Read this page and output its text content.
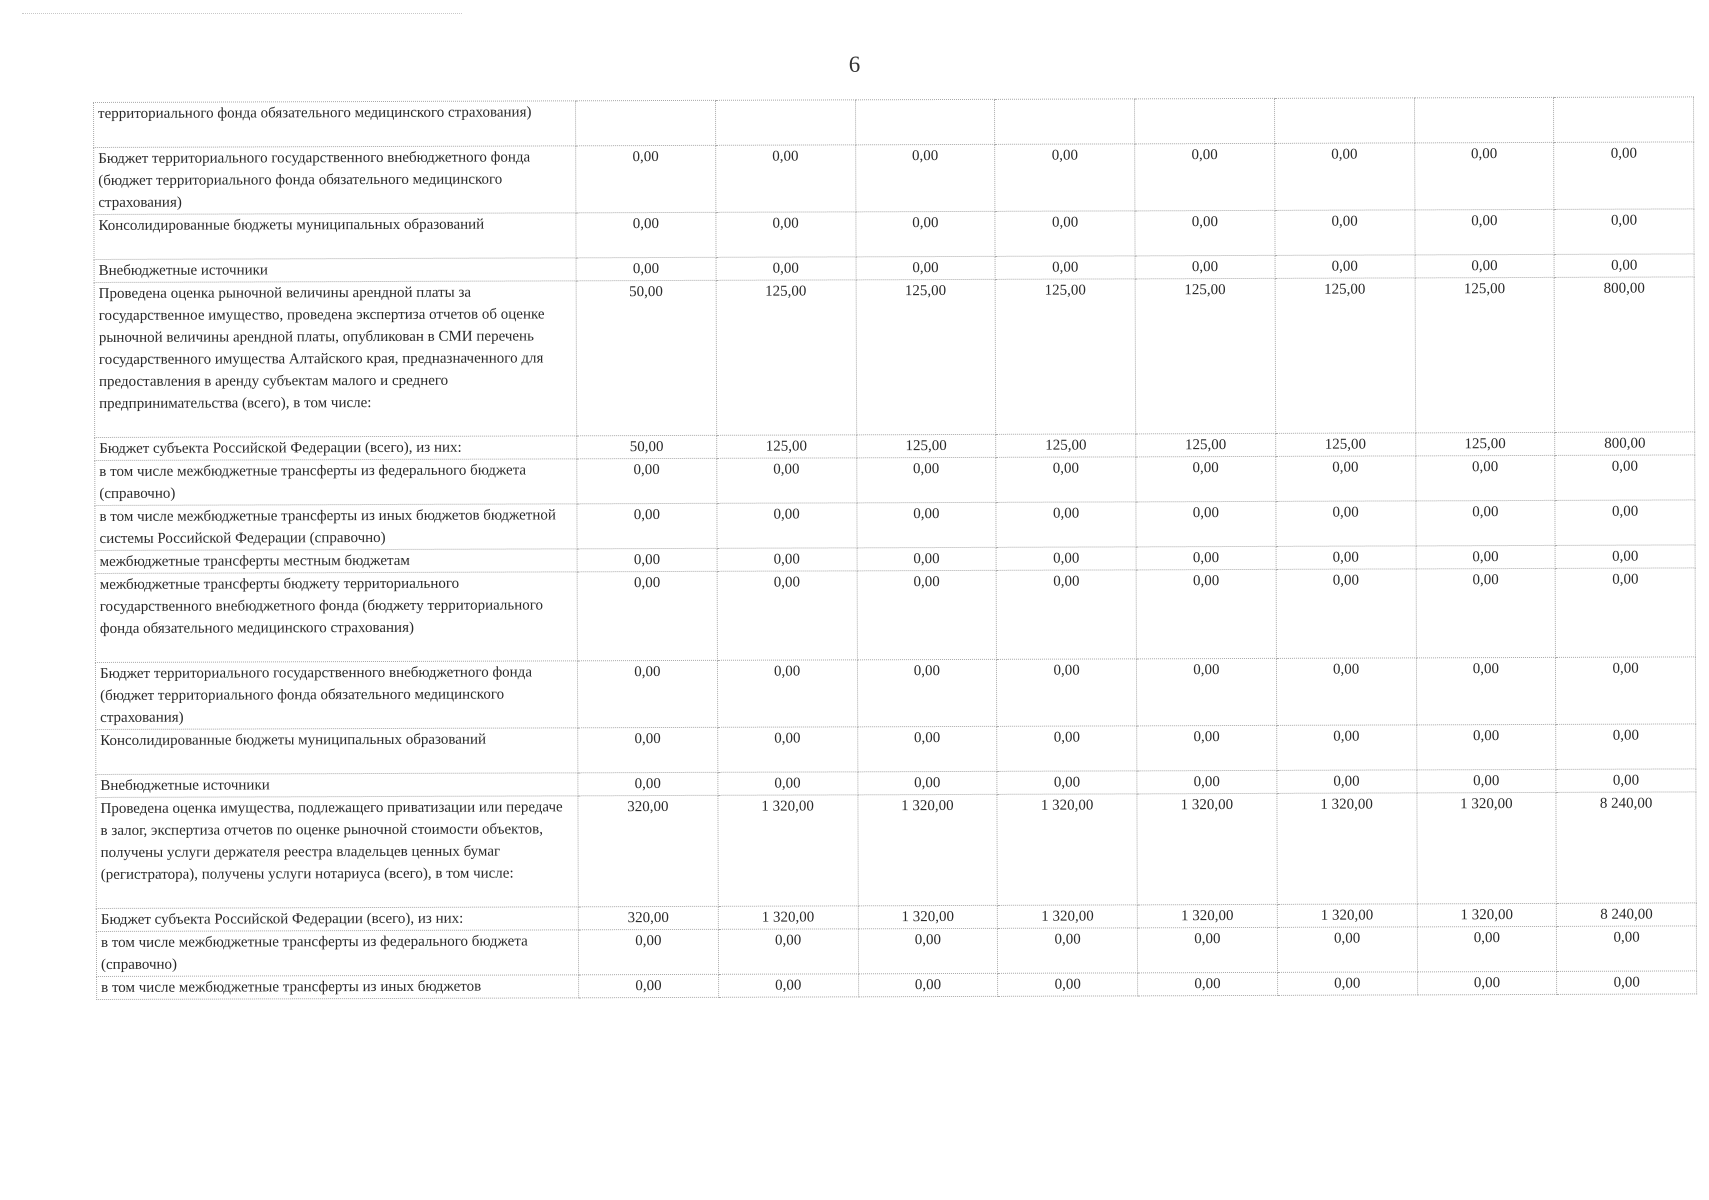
6
территориального фонда обязательного медицинского страхования)								
Бюджет территориального государственного внебюджетного фонда (бюджет территориального фонда обязательного медицинского страхования)	0,00	0,00	0,00	0,00	0,00	0,00	0,00	0,00
Консолидированные бюджеты муниципальных образований	0,00	0,00	0,00	0,00	0,00	0,00	0,00	0,00
Внебюджетные источники	0,00	0,00	0,00	0,00	0,00	0,00	0,00	0,00
Проведена оценка рыночной величины арендной платы за государственное имущество, проведена экспертиза отчетов об оценке рыночной величины арендной платы, опубликован в СМИ перечень государственного имущества Алтайского края, предназначенного для предоставления в аренду субъектам малого и среднего предпринимательства (всего), в том числе:	50,00	125,00	125,00	125,00	125,00	125,00	125,00	800,00
Бюджет субъекта Российской Федерации (всего), из них:	50,00	125,00	125,00	125,00	125,00	125,00	125,00	800,00
в том числе межбюджетные трансферты из федерального бюджета (справочно)	0,00	0,00	0,00	0,00	0,00	0,00	0,00	0,00
в том числе межбюджетные трансферты из иных бюджетов бюджетной системы Российской Федерации (справочно)	0,00	0,00	0,00	0,00	0,00	0,00	0,00	0,00
межбюджетные трансферты местным бюджетам	0,00	0,00	0,00	0,00	0,00	0,00	0,00	0,00
межбюджетные трансферты бюджету территориального государственного внебюджетного фонда (бюджету территориального фонда обязательного медицинского страхования)	0,00	0,00	0,00	0,00	0,00	0,00	0,00	0,00
Бюджет территориального государственного внебюджетного фонда (бюджет территориального фонда обязательного медицинского страхования)	0,00	0,00	0,00	0,00	0,00	0,00	0,00	0,00
Консолидированные бюджеты муниципальных образований	0,00	0,00	0,00	0,00	0,00	0,00	0,00	0,00
Внебюджетные источники	0,00	0,00	0,00	0,00	0,00	0,00	0,00	0,00
Проведена оценка имущества, подлежащего приватизации или передаче в залог, экспертиза отчетов по оценке рыночной стоимости объектов, получены услуги держателя реестра владельцев ценных бумаг (регистратора), получены услуги нотариуса (всего), в том числе:	320,00	1 320,00	1 320,00	1 320,00	1 320,00	1 320,00	1 320,00	8 240,00
Бюджет субъекта Российской Федерации (всего), из них:	320,00	1 320,00	1 320,00	1 320,00	1 320,00	1 320,00	1 320,00	8 240,00
в том числе межбюджетные трансферты из федерального бюджета (справочно)	0,00	0,00	0,00	0,00	0,00	0,00	0,00	0,00
в том числе межбюджетные трансферты из иных бюджетов	0,00	0,00	0,00	0,00	0,00	0,00	0,00	0,00
